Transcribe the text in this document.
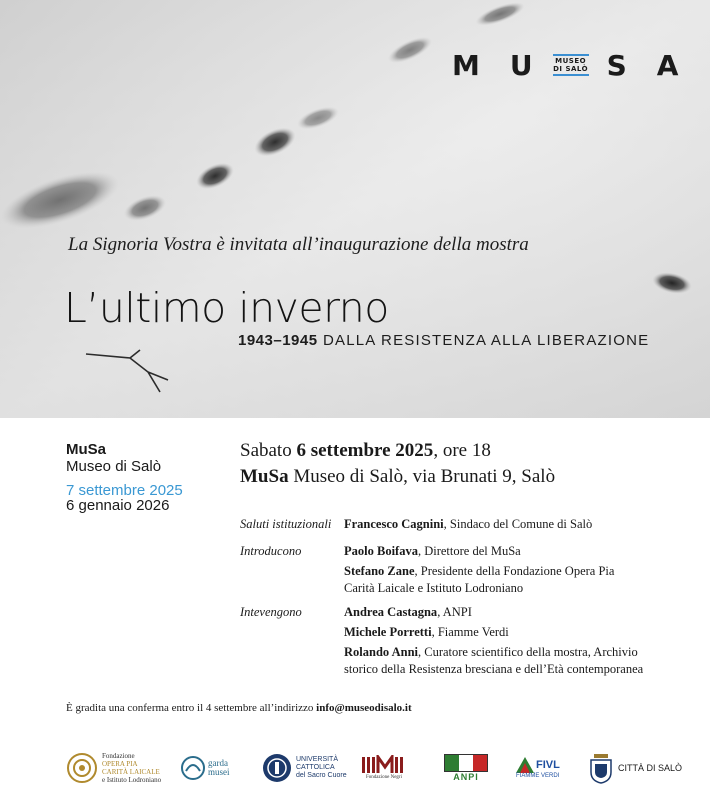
M U	MUSEO
DI SALÒ S A
La Signoria Vostra è invitata all’inaugurazione della mostra
L’ultimo inverno
1943–1945 DALLA RESISTENZA ALLA LIBERAZIONE
MuSa
Museo di Salò
7 settembre 2025
6 gennaio 2026
Sabato 6 settembre 2025, ore 18
MuSa Museo di Salò, via Brunati 9, Salò
Saluti istituzionali Francesco Cagnini, Sindaco del Comune di Salò
Introducono	Paolo Boifava, Direttore del MuSa
Stefano Zane, Presidente della Fondazione Opera Pia Carità Laicale e Istituto Lodroniano
Intevengono	Andrea Castagna, ANPI
Michele Porretti, Fiamme Verdi
Rolando Anni, Curatore scientifico della mostra, Archivio storico della Resistenza bresciana e dell’Età contemporanea
È gradita una conferma entro il 4 settembre all’indirizzo info@museodisalo.it
Fondazione
OPERA PIA
CARITÀ LAICALE
e Istituto Lodroniano
garda
musei
UNIVERSITÀ
CATTOLICA
del Sacro Cuore	Fondazione Negri	ANPI
FIVL
FIAMME VERDI
CITTÀ DI SALÒ
